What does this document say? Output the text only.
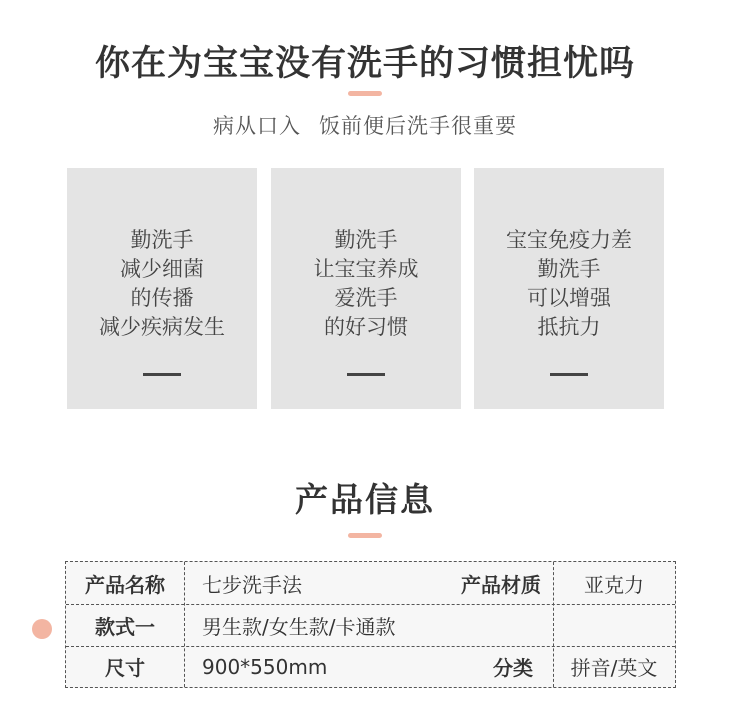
你在为宝宝没有洗手的习惯担忧吗
病从口入 饭前便后洗手很重要
勤洗手
减少细菌
的传播
减少疾病发生
勤洗手
让宝宝养成
爱洗手
的好习惯
宝宝免疫力差
勤洗手
可以增强
抵抗力
产品信息
产品名称	七步洗手法	产品材质	亚克力
款式一	男生款/女生款/卡通款
尺寸	900*550mm	分类	拼音/英文
